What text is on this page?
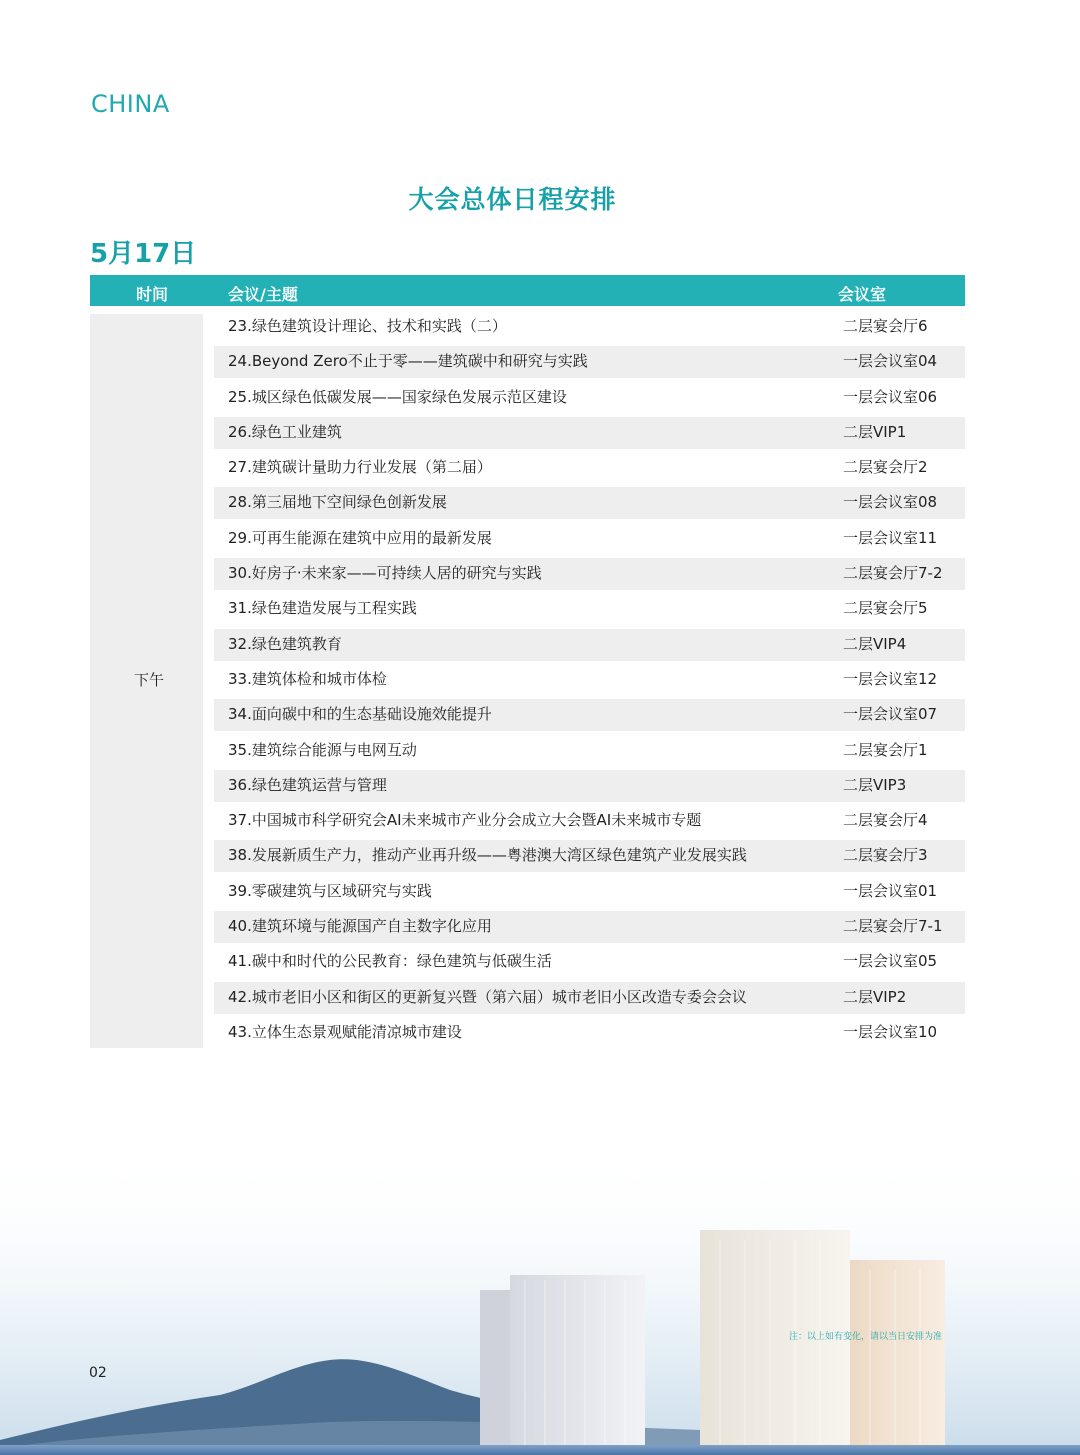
CHINA
大会总体日程安排
5月17日
时间	会议/主题	会议室
下午
23.绿色建筑设计理论、技术和实践（二）	二层宴会厅6
24.Beyond Zero不止于零——建筑碳中和研究与实践	一层会议室04
25.城区绿色低碳发展——国家绿色发展示范区建设	一层会议室06
26.绿色工业建筑	二层VIP1
27.建筑碳计量助力行业发展（第二届）	二层宴会厅2
28.第三届地下空间绿色创新发展	一层会议室08
29.可再生能源在建筑中应用的最新发展	一层会议室11
30.好房子·未来家——可持续人居的研究与实践	二层宴会厅7-2
31.绿色建造发展与工程实践	二层宴会厅5
32.绿色建筑教育	二层VIP4
33.建筑体检和城市体检	一层会议室12
34.面向碳中和的生态基础设施效能提升	一层会议室07
35.建筑综合能源与电网互动	二层宴会厅1
36.绿色建筑运营与管理	二层VIP3
37.中国城市科学研究会AI未来城市产业分会成立大会暨AI未来城市专题	二层宴会厅4
38.发展新质生产力，推动产业再升级——粤港澳大湾区绿色建筑产业发展实践	二层宴会厅3
39.零碳建筑与区域研究与实践	一层会议室01
40.建筑环境与能源国产自主数字化应用	二层宴会厅7-1
41.碳中和时代的公民教育：绿色建筑与低碳生活	一层会议室05
42.城市老旧小区和街区的更新复兴暨（第六届）城市老旧小区改造专委会会议	二层VIP2
43.立体生态景观赋能清凉城市建设	一层会议室10
注：以上如有变化，请以当日安排为准
02
